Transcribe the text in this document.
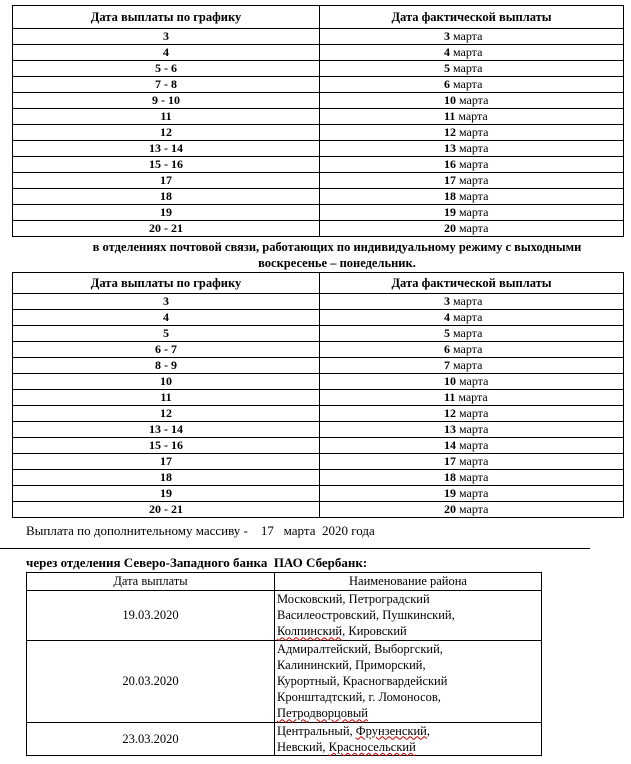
Дата выплаты по графику	Дата фактической выплаты
3	3 марта
4	4 марта
5 - 6	5 марта
7 - 8	6 марта
9 - 10	10 марта
11	11 марта
12	12 марта
13 - 14	13 марта
15 - 16	16 марта
17	17 марта
18	18 марта
19	19 марта
20 - 21	20 марта
в отделениях почтовой связи, работающих по индивидуальному режиму с выходными
воскресенье – понедельник.
Дата выплаты по графику	Дата фактической выплаты
3	3 марта
4	4 марта
5	5 марта
6 - 7	6 марта
8 - 9	7 марта
10	10 марта
11	11 марта
12	12 марта
13 - 14	13 марта
15 - 16	14 марта
17	17 марта
18	18 марта
19	19 марта
20 - 21	20 марта
Выплата по дополнительному массиву -    17   марта  2020 года
через отделения Северо-Западного банка  ПАО Сбербанк:
Дата выплаты	Наименование района
19.03.2020	Московский, Петроградский
Василеостровский, Пушкинский,
Колпинский, Кировский

20.03.2020	Адмиралтейский, Выборгский,
Калининский, Приморский,
Курортный, Красногвардейский
Кронштадтский, г. Ломоносов,
Петродворцовый

23.03.2020	Центральный, Фрунзенский,
Невский, Красносельский
